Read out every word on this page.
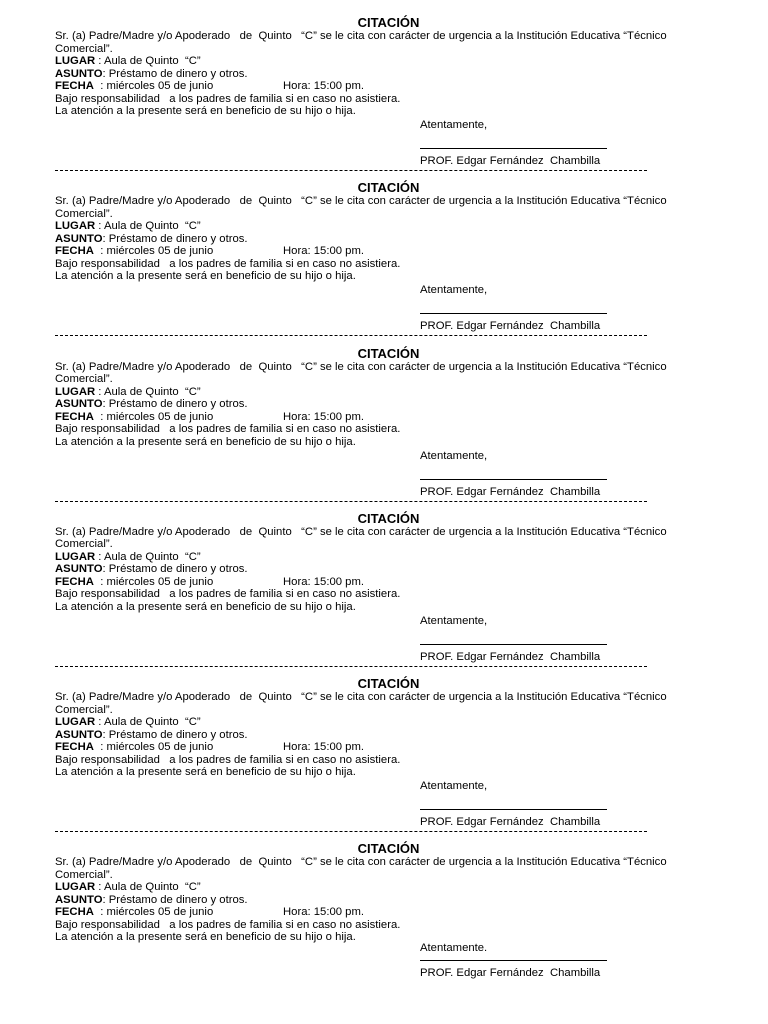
CITACIÓN
Sr. (a) Padre/Madre y/o Apoderado   de  Quinto   “C” se le cita con carácter de urgencia a la Institución Educativa “Técnico
Comercial”.
LUGAR : Aula de Quinto  “C”
ASUNTO: Préstamo de dinero y otros.
FECHA  : miércoles 05 de junio	Hora: 15:00 pm.
Bajo responsabilidad   a los padres de familia si en caso no asistiera.
La atención a la presente será en beneficio de su hijo o hija.
Atentamente,
PROF. Edgar Fernández  Chambilla
CITACIÓN
Sr. (a) Padre/Madre y/o Apoderado   de  Quinto   “C” se le cita con carácter de urgencia a la Institución Educativa “Técnico
Comercial”.
LUGAR : Aula de Quinto  “C”
ASUNTO: Préstamo de dinero y otros.
FECHA  : miércoles 05 de junio	Hora: 15:00 pm.
Bajo responsabilidad   a los padres de familia si en caso no asistiera.
La atención a la presente será en beneficio de su hijo o hija.
Atentamente,
PROF. Edgar Fernández  Chambilla
CITACIÓN
Sr. (a) Padre/Madre y/o Apoderado   de  Quinto   “C” se le cita con carácter de urgencia a la Institución Educativa “Técnico
Comercial”.
LUGAR : Aula de Quinto  “C”
ASUNTO: Préstamo de dinero y otros.
FECHA  : miércoles 05 de junio	Hora: 15:00 pm.
Bajo responsabilidad   a los padres de familia si en caso no asistiera.
La atención a la presente será en beneficio de su hijo o hija.
Atentamente,
PROF. Edgar Fernández  Chambilla
CITACIÓN
Sr. (a) Padre/Madre y/o Apoderado   de  Quinto   “C” se le cita con carácter de urgencia a la Institución Educativa “Técnico
Comercial”.
LUGAR : Aula de Quinto  “C”
ASUNTO: Préstamo de dinero y otros.
FECHA  : miércoles 05 de junio	Hora: 15:00 pm.
Bajo responsabilidad   a los padres de familia si en caso no asistiera.
La atención a la presente será en beneficio de su hijo o hija.
Atentamente,
PROF. Edgar Fernández  Chambilla
CITACIÓN
Sr. (a) Padre/Madre y/o Apoderado   de  Quinto   “C” se le cita con carácter de urgencia a la Institución Educativa “Técnico
Comercial”.
LUGAR : Aula de Quinto  “C”
ASUNTO: Préstamo de dinero y otros.
FECHA  : miércoles 05 de junio	Hora: 15:00 pm.
Bajo responsabilidad   a los padres de familia si en caso no asistiera.
La atención a la presente será en beneficio de su hijo o hija.
Atentamente,
PROF. Edgar Fernández  Chambilla
CITACIÓN
Sr. (a) Padre/Madre y/o Apoderado   de  Quinto   “C” se le cita con carácter de urgencia a la Institución Educativa “Técnico
Comercial”.
LUGAR : Aula de Quinto  “C”
ASUNTO: Préstamo de dinero y otros.
FECHA  : miércoles 05 de junio	Hora: 15:00 pm.
Bajo responsabilidad   a los padres de familia si en caso no asistiera.
La atención a la presente será en beneficio de su hijo o hija.
Atentamente.
PROF. Edgar Fernández  Chambilla
